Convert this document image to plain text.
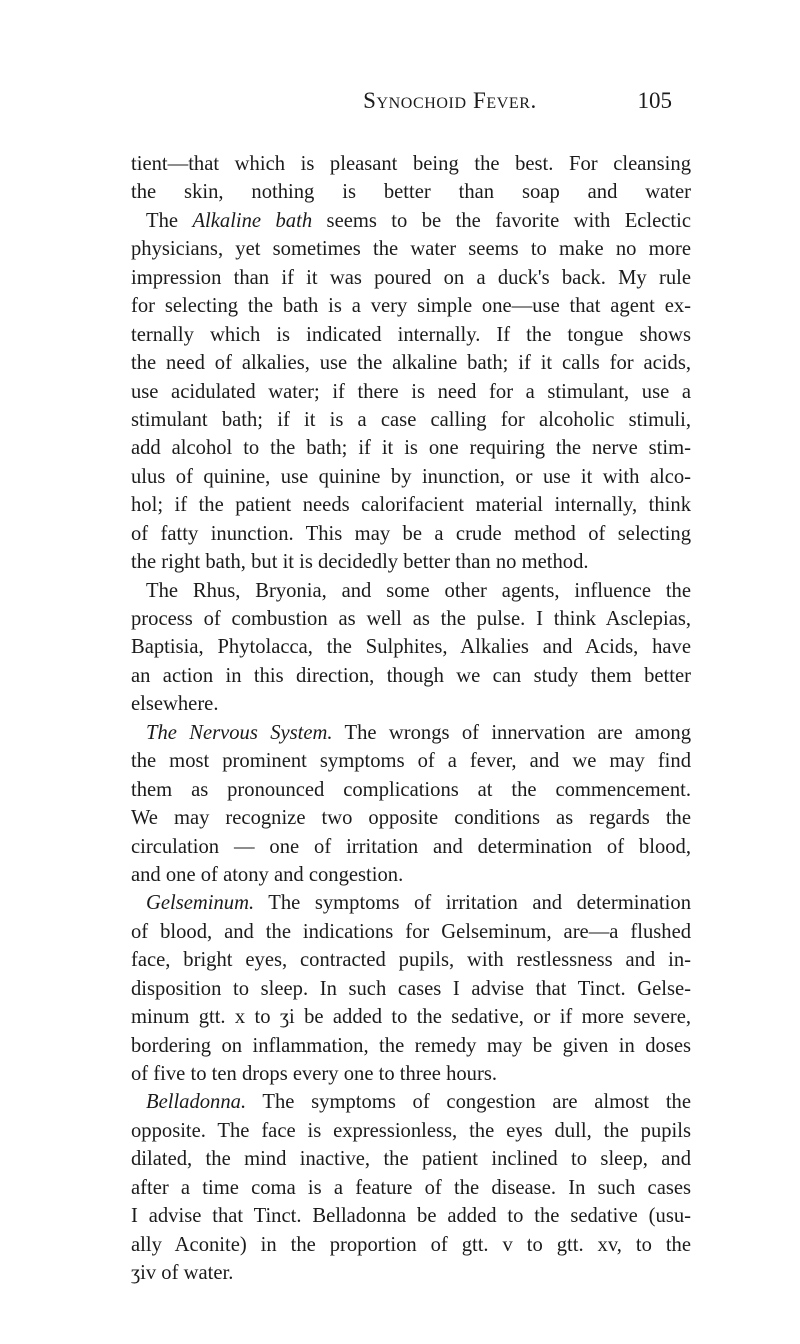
Synochoid Fever.	105
tient—that which is pleasant being the best. For cleansing
the skin, nothing is better than soap and water
The Alkaline bath seems to be the favorite with Eclectic
physicians, yet sometimes the water seems to make no more
impression than if it was poured on a duck's back. My rule
for selecting the bath is a very simple one—use that agent ex-
ternally which is indicated internally. If the tongue shows
the need of alkalies, use the alkaline bath; if it calls for acids,
use acidulated water; if there is need for a stimulant, use a
stimulant bath; if it is a case calling for alcoholic stimuli,
add alcohol to the bath; if it is one requiring the nerve stim-
ulus of quinine, use quinine by inunction, or use it with alco-
hol; if the patient needs calorifacient material internally, think
of fatty inunction. This may be a crude method of selecting
the right bath, but it is decidedly better than no method.
The Rhus, Bryonia, and some other agents, influence the
process of combustion as well as the pulse. I think Asclepias,
Baptisia, Phytolacca, the Sulphites, Alkalies and Acids, have
an action in this direction, though we can study them better
elsewhere.
The Nervous System. The wrongs of innervation are among
the most prominent symptoms of a fever, and we may find
them as pronounced complications at the commencement.
We may recognize two opposite conditions as regards the
circulation — one of irritation and determination of blood,
and one of atony and congestion.
Gelseminum. The symptoms of irritation and determination
of blood, and the indications for Gelseminum, are—a flushed
face, bright eyes, contracted pupils, with restlessness and in-
disposition to sleep. In such cases I advise that Tinct. Gelse-
minum gtt. x to ʒi be added to the sedative, or if more severe,
bordering on inflammation, the remedy may be given in doses
of five to ten drops every one to three hours.
Belladonna. The symptoms of congestion are almost the
opposite. The face is expressionless, the eyes dull, the pupils
dilated, the mind inactive, the patient inclined to sleep, and
after a time coma is a feature of the disease. In such cases
I advise that Tinct. Belladonna be added to the sedative (usu-
ally Aconite) in the proportion of gtt. v to gtt. xv, to the
ʒiv of water.
